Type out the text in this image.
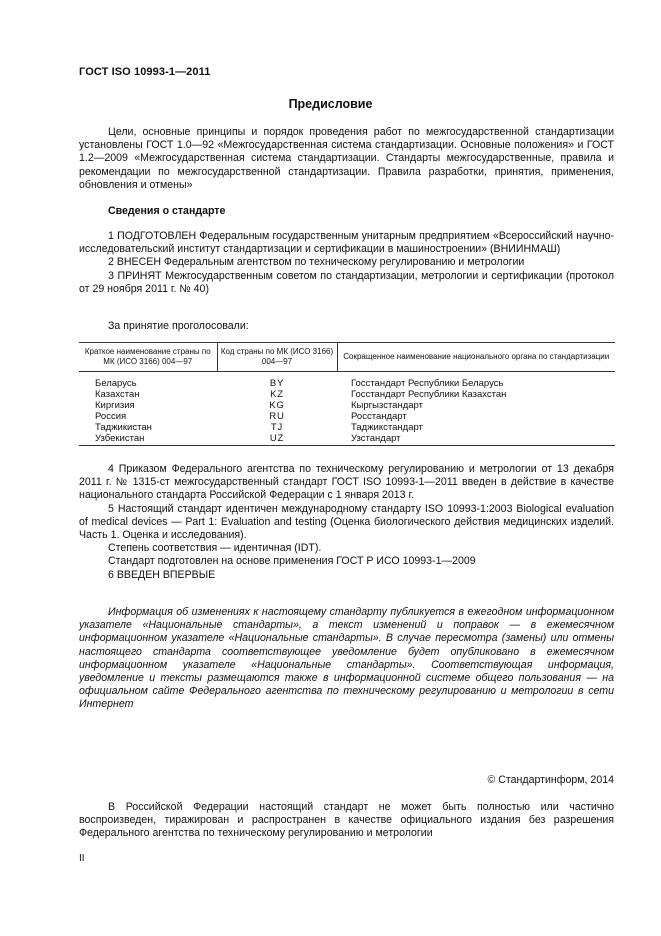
ГОСТ ISO 10993-1—2011
Предисловие

Цели, основные принципы и порядок проведения работ по межгосударственной стандартизации установлены ГОСТ 1.0—92 «Межгосударственная система стандартизации. Основные положения» и ГОСТ 1.2—2009 «Межгосударственная система стандартизации. Стандарты межгосударственные, правила и рекомендации по межгосударственной стандартизации. Правила разработки, принятия, применения, обновления и отмены»

Сведения о стандарте

1 ПОДГОТОВЛЕН Федеральным государственным унитарным предприятием «Всероссийский научно-исследовательский институт стандартизации и сертификации в машиностроении» (ВНИИНМАШ)

2 ВНЕСЕН Федеральным агентством по техническому регулированию и метрологии

3 ПРИНЯТ Межгосударственным советом по стандартизации, метрологии и сертификации (протокол от 29 ноября 2011 г. № 40)

За принятие проголосовали:
Краткое наименование страны по МК (ИСО 3166) 004—97	Код страны по МК (ИСО 3166) 004—97	Сокращенное наименование национального органа по стандартизации
Беларусь	BY	Госстандарт Республики Беларусь
Казахстан	KZ	Госстандарт Республики Казахстан
Киргизия	KG	Кыргызстандарт
Россия	RU	Росстандарт
Таджикистан	TJ	Таджикстандарт
Узбекистан	UZ	Узстандарт

4 Приказом Федерального агентства по техническому регулированию и метрологии от 13 декабря 2011 г. № 1315-ст межгосударственный стандарт ГОСТ ISO 10993-1—2011 введен в действие в качестве национального стандарта Российской Федерации с 1 января 2013 г.

5 Настоящий стандарт идентичен международному стандарту ISO 10993-1:2003 Biological evaluation of medical devices — Part 1: Evaluation and testing (Оценка биологического действия медицинских изделий. Часть 1. Оценка и исследования).

Степень соответствия — идентичная (IDT).

Стандарт подготовлен на основе применения ГОСТ Р ИСО 10993-1—2009

6 ВВЕДЕН ВПЕРВЫЕ

Информация об изменениях к настоящему стандарту публикуется в ежегодном информационном указателе «Национальные стандарты», а текст изменений и поправок — в ежемесячном информационном указателе «Национальные стандарты». В случае пересмотра (замены) или отмены настоящего стандарта соответствующее уведомление будет опубликовано в ежемесячном информационном указателе «Национальные стандарты». Соответствующая информация, уведомление и тексты размещаются также в информационной системе общего пользования — на официальном сайте Федерального агентства по техническому регулированию и метрологии в сети Интернет

© Стандартинформ, 2014

В Российской Федерации настоящий стандарт не может быть полностью или частично воспроизведен, тиражирован и распространен в качестве официального издания без разрешения Федерального агентства по техническому регулированию и метрологии

II
